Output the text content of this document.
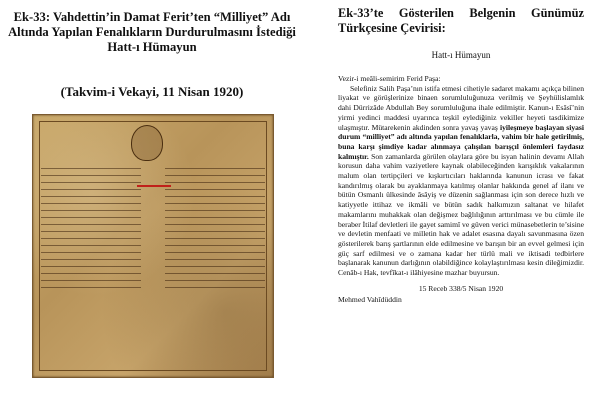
Ek-33: Vahdettin’in Damat Ferit’ten “Milliyet” Adı Altında Yapılan Fenalıkların Durdurulmasını İstediği Hatt-ı Hümayun
(Takvim-i Vekayi, 11 Nisan 1920)
Ek-33’te Gösterilen Belgenin Günümüz Türkçesine Çevirisi:
Hatt-ı Hümayun

Vezir-i meâli-semirim Ferid Paşa:

Selefiniz Salih Paşa’nın istifa etmesi cihetiyle sadaret makamı açıkça bilinen liyakat ve görüşlerinize binaen sorumluluğunuza verilmiş ve Şeyhülislamlık dahi Dürrizâde Abdullah Bey sorumluluğuna ihale edilmiştir. Kanun-ı Esâsî’nin yirmi yedinci maddesi uyarınca teşkil eylediğiniz vekiller heyeti tasdikimize ulaşmıştır. Mütarekenin akdinden sonra yavaş yavaş iyileşmeye başlayan siyasi durum “milliyet” adı altında yapılan fenalıklarla, vahim bir hale getirilmiş, buna karşı şimdiye kadar alınmaya çalışılan barışçıl önlemleri faydasız kalmıştır. Son zamanlarda görülen olaylara göre bu isyan halinin devamı Allah korusun daha vahim vaziyetlere kaynak olabileceğinden karışıklık vakalarının malum olan tertipçileri ve kışkırtıcıları haklarında kanunun icrası ve fakat kandırılmış olarak bu ayaklanmaya katılmış olanlar hakkında genel af ilanı ve bütün Osmanlı ülkesinde âsâyiş ve düzenin sağlanması için son derece hızlı ve katiyyetle ittihaz ve ikmâli ve bütün sadık halkımızın saltanat ve hilafet makamlarını muhakkak olan değişmez bağlılığının arttırılması ve bu cümle ile beraber İtilaf devletleri ile gayet samimî ve güven verici münasebetlerin te’sisine ve devletin menfaati ve milletin hak ve adalet esasına dayalı savunmasına özen gösterilerek barış şartlarının elde edilmesine ve barışın bir an evvel gelmesi için güç sarf edilmesi ve o zamana kadar her türlü mali ve iktisadi tedbirlere başlanarak kanunun darlığının olabildiğince kolaylaştırılması kesin dileğimizdir. Cenâb-ı Hak, tevfîkat-ı ilâhiyesine mazhar buyursun.

15 Receb 338/5 Nisan 1920
Mehmed Vahîdüddin
